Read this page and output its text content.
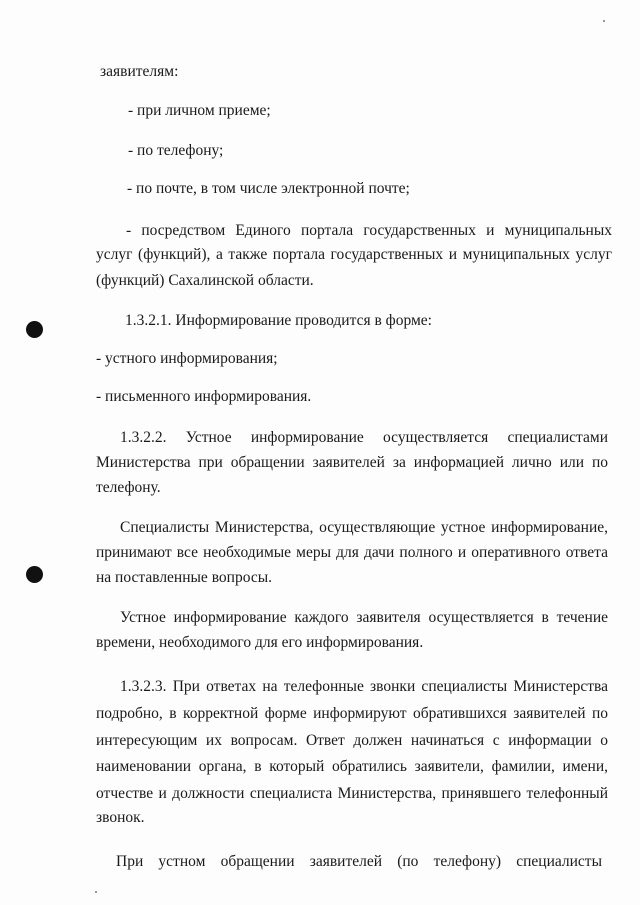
заявителям:
- при личном приеме;
- по телефону;
- по почте, в том числе электронной почте;
- посредством Единого портала государственных и муниципальных
услуг (функций), а также портала государственных и муниципальных услуг
(функций) Сахалинской области.
1.3.2.1. Информирование проводится в форме:
- устного информирования;
- письменного информирования.
1.3.2.2. Устное информирование осуществляется специалистами
Министерства при обращении заявителей за информацией лично или по
телефону.
Специалисты Министерства, осуществляющие устное информирование,
принимают все необходимые меры для дачи полного и оперативного ответа
на поставленные вопросы.
Устное информирование каждого заявителя осуществляется в течение
времени, необходимого для его информирования.
1.3.2.3. При ответах на телефонные звонки специалисты Министерства
подробно, в корректной форме информируют обратившихся заявителей по
интересующим их вопросам. Ответ должен начинаться с информации о
наименовании органа, в который обратились заявители, фамилии, имени,
отчестве и должности специалиста Министерства, принявшего телефонный
звонок.
При устном обращении заявителей (по телефону) специалисты
